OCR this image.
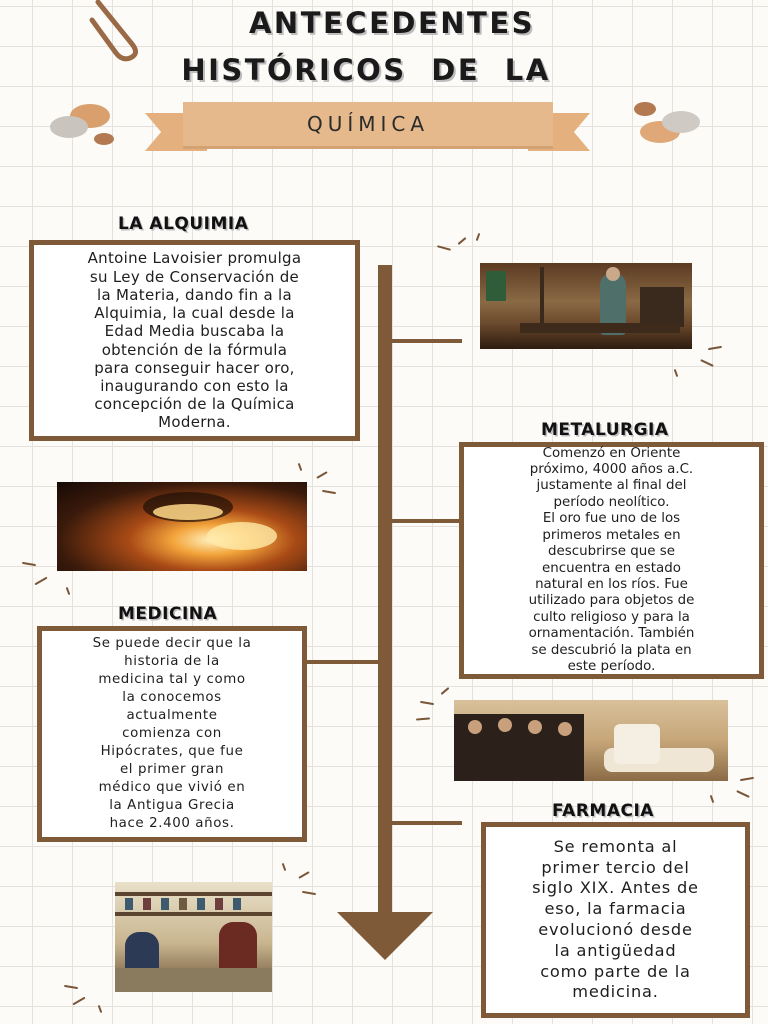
ANTECEDENTES
HISTÓRICOS DE LA
QUÍMICA
LA ALQUIMIA
Antoine Lavoisier promulga
su Ley de Conservación de
la Materia, dando fin a la
Alquimia, la cual desde la
Edad Media buscaba la
obtención de la fórmula
para conseguir hacer oro,
inaugurando con esto la
concepción de la Química
Moderna.	METALURGIA
Comenzó en Oriente
próximo, 4000 años a.C.
justamente al final del
período neolítico.
El oro fue uno de los
primeros metales en
descubrirse que se
encuentra en estado
natural en los ríos. Fue
utilizado para objetos de
culto religioso y para la
ornamentación. También
se descubrió la plata en
este período.
MEDICINA
Se puede decir que la
historia de la
medicina tal y como
la conocemos
actualmente
comienza con
Hipócrates, que fue
el primer gran
médico que vivió en
la Antigua Grecia
hace 2.400 años.
FARMACIA
Se remonta al
primer tercio del
siglo XIX. Antes de
eso, la farmacia
evolucionó desde
la antigüedad
como parte de la
medicina.
